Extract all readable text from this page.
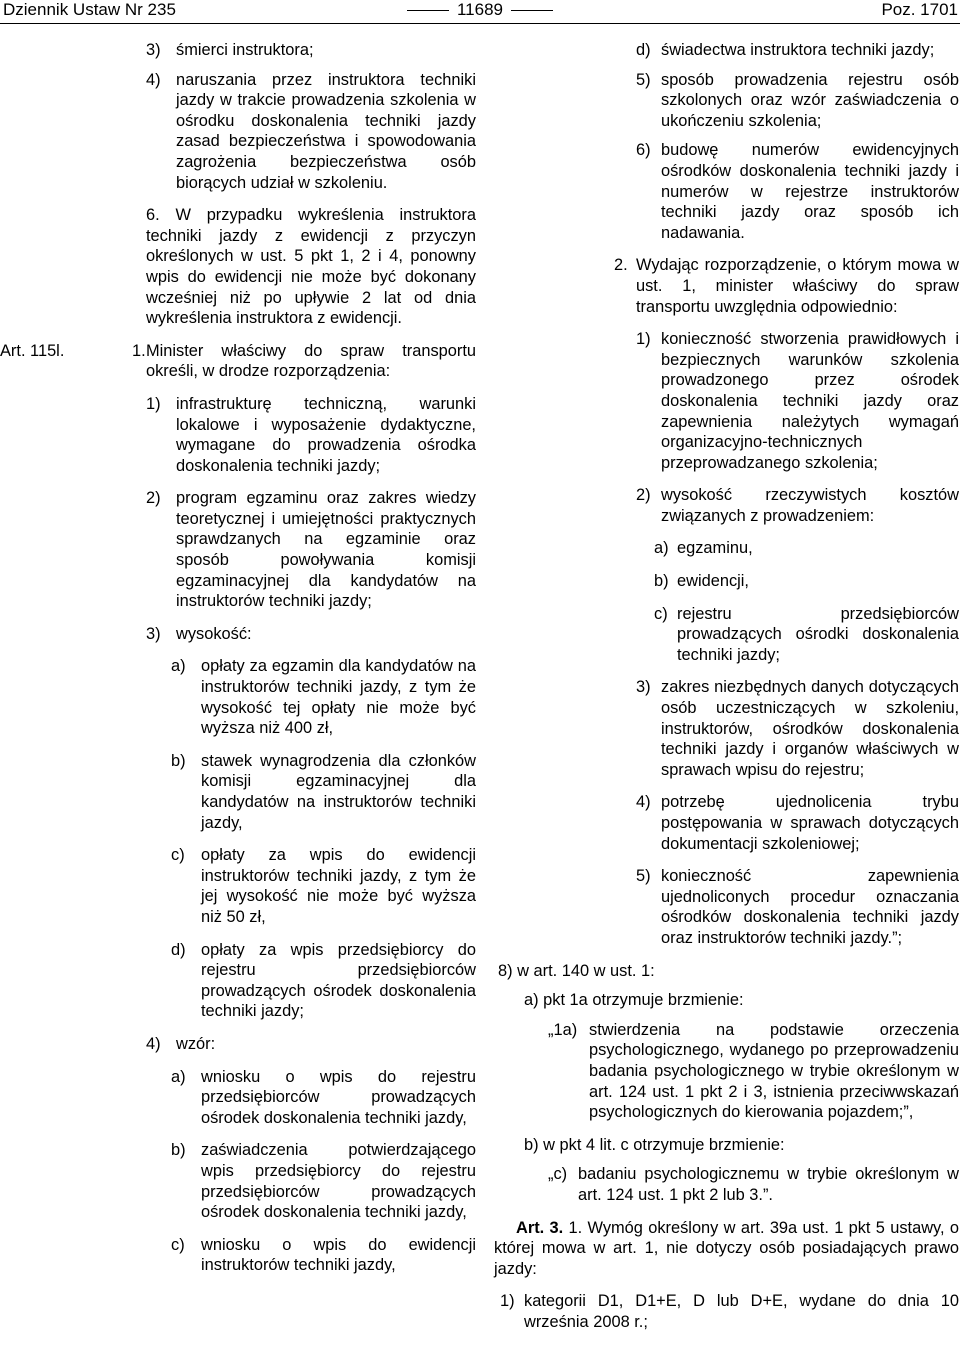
Dziennik Ustaw Nr 235	11689	Poz. 1701
3) śmierci instruktora;

4) naruszania przez instruktora techniki jazdy w trakcie prowadzenia szkolenia w ośrodku doskonalenia techniki jazdy zasad bezpieczeństwa i spowodowania zagrożenia bezpieczeństwa osób biorących udział w szkoleniu.

6. W przypadku wykreślenia instruktora techniki jazdy z ewidencji z przyczyn określonych w ust. 5 pkt 1, 2 i 4, ponowny wpis do ewidencji nie może być dokonany wcześniej niż po upływie 2 lat od dnia wykreślenia instruktora z ewidencji.

Art. 115l.	1. Minister właściwy do spraw transportu określi, w drodze rozporządzenia:

1) infrastrukturę techniczną, warunki lokalowe i wyposażenie dydaktyczne, wymagane do prowadzenia ośrodka doskonalenia techniki jazdy;

2) program egzaminu oraz zakres wiedzy teoretycznej i umiejętności praktycznych sprawdzanych na egzaminie oraz sposób powoływania komisji egzaminacyjnej dla kandydatów na instruktorów techniki jazdy;

3) wysokość:

a) opłaty za egzamin dla kandydatów na instruktorów techniki jazdy, z tym że wysokość tej opłaty nie może być wyższa niż 400 zł,

b) stawek wynagrodzenia dla członków komisji egzaminacyjnej dla kandydatów na instruktorów techniki jazdy,

c) opłaty za wpis do ewidencji instruktorów techniki jazdy, z tym że jej wysokość nie może być wyższa niż 50 zł,

d) opłaty za wpis przedsiębiorcy do rejestru przedsiębiorców prowadzących ośrodek doskonalenia techniki jazdy;

4) wzór:

a) wniosku o wpis do rejestru przedsiębiorców prowadzących ośrodek doskonalenia techniki jazdy,

b) zaświadczenia potwierdzającego wpis przedsiębiorcy do rejestru przedsiębiorców prowadzących ośrodek doskonalenia techniki jazdy,

c) wniosku o wpis do ewidencji instruktorów techniki jazdy,

d) świadectwa instruktora techniki jazdy;

5) sposób prowadzenia rejestru osób szkolonych oraz wzór zaświadczenia o ukończeniu szkolenia;

6) budowę numerów ewidencyjnych ośrodków doskonalenia techniki jazdy i numerów w rejestrze instruktorów techniki jazdy oraz sposób ich nadawania.

2. Wydając rozporządzenie, o którym mowa w ust. 1, minister właściwy do spraw transportu uwzględnia odpowiednio:

1) konieczność stworzenia prawidłowych i bezpiecznych warunków szkolenia prowadzonego przez ośrodek doskonalenia techniki jazdy oraz zapewnienia należytych wymagań organizacyjno-technicznych przeprowadzanego szkolenia;

2) wysokość rzeczywistych kosztów związanych z prowadzeniem:

a) egzaminu,

b) ewidencji,

c) rejestru przedsiębiorców prowadzących ośrodki doskonalenia techniki jazdy;

3) zakres niezbędnych danych dotyczących osób uczestniczących w szkoleniu, instruktorów, ośrodków doskonalenia techniki jazdy i organów właściwych w sprawach wpisu do rejestru;

4) potrzebę ujednolicenia trybu postępowania w sprawach dotyczących dokumentacji szkoleniowej;

5) konieczność zapewnienia ujednoliconych procedur oznaczania ośrodków doskonalenia techniki jazdy oraz instruktorów techniki jazdy.”;

8) w art. 140 w ust. 1:

a) pkt 1a otrzymuje brzmienie:

„1a) stwierdzenia na podstawie orzeczenia psychologicznego, wydanego po przeprowadzeniu badania psychologicznego w trybie określonym w art. 124 ust. 1 pkt 2 i 3, istnienia przeciwwskazań psychologicznych do kierowania pojazdem;”,

b) w pkt 4 lit. c otrzymuje brzmienie:

„c) badaniu psychologicznemu w trybie określonym w art. 124 ust. 1 pkt 2 lub 3.”.

Art. 3. 1. Wymóg określony w art. 39a ust. 1 pkt 5 ustawy, o której mowa w art. 1, nie dotyczy osób posiadających prawo jazdy:

1) kategorii D1, D1+E, D lub D+E, wydane do dnia 10 września 2008 r.;
